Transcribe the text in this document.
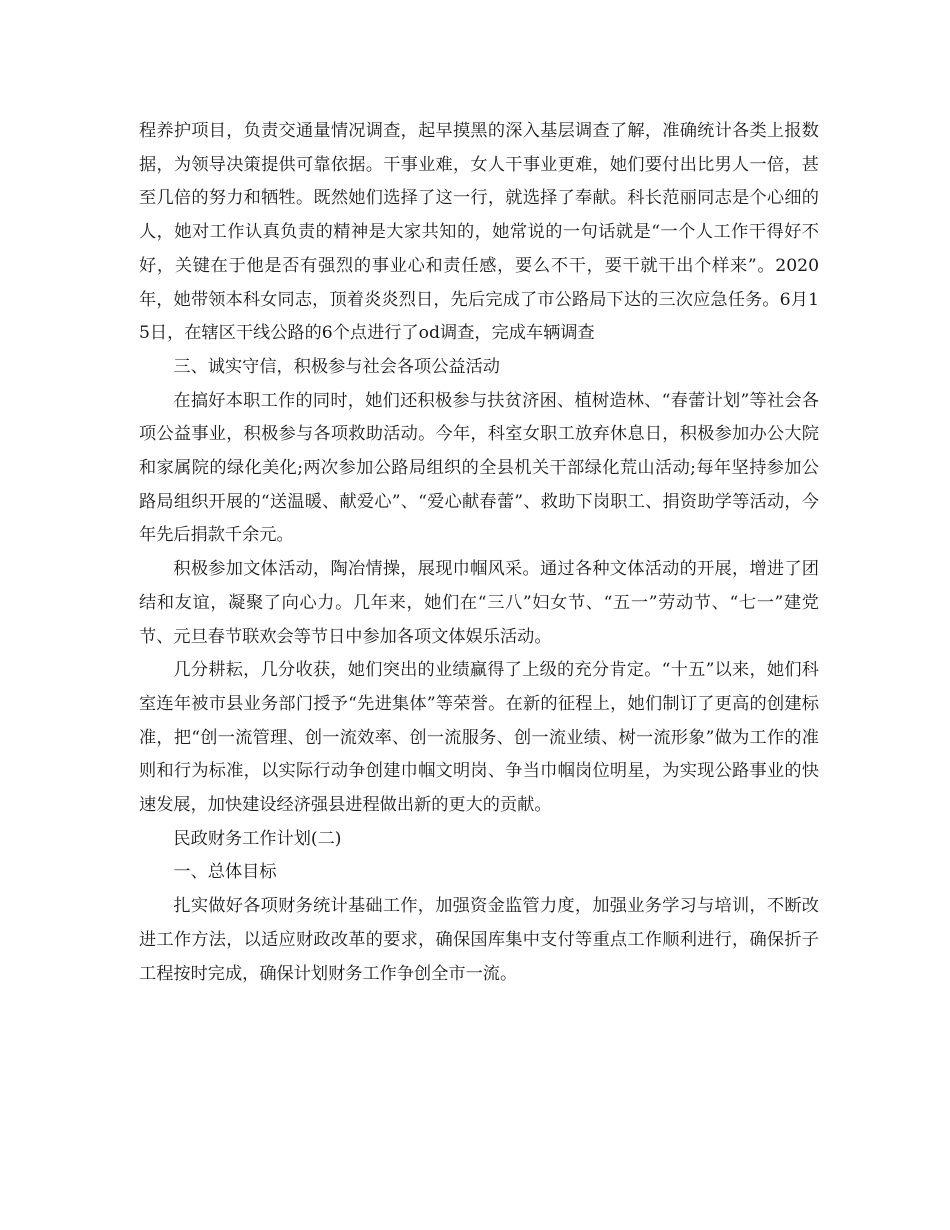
程养护项目，负责交通量情况调查，起早摸黑的深入基层调查了解，准确统计各类上报数据，为领导决策提供可靠依据。干事业难，女人干事业更难，她们要付出比男人一倍，甚至几倍的努力和牺牲。既然她们选择了这一行，就选择了奉献。科长范丽同志是个心细的人，她对工作认真负责的精神是大家共知的，她常说的一句话就是“一个人工作干得好不好，关键在于他是否有强烈的事业心和责任感，要么不干，要干就干出个样来”。2020年，她带领本科女同志，顶着炎炎烈日，先后完成了市公路局下达的三次应急任务。6月15日，在辖区干线公路的6个点进行了od调查，完成车辆调查

三、诚实守信，积极参与社会各项公益活动

在搞好本职工作的同时，她们还积极参与扶贫济困、植树造林、“春蕾计划”等社会各项公益事业，积极参与各项救助活动。今年，科室女职工放弃休息日，积极参加办公大院和家属院的绿化美化;两次参加公路局组织的全县机关干部绿化荒山活动;每年坚持参加公路局组织开展的“送温暖、献爱心”、“爱心献春蕾”、救助下岗职工、捐资助学等活动，今年先后捐款千余元。

积极参加文体活动，陶冶情操，展现巾帼风采。通过各种文体活动的开展，增进了团结和友谊，凝聚了向心力。几年来，她们在“三八”妇女节、“五一”劳动节、“七一”建党节、元旦春节联欢会等节日中参加各项文体娱乐活动。

几分耕耘，几分收获，她们突出的业绩赢得了上级的充分肯定。“十五”以来，她们科室连年被市县业务部门授予“先进集体”等荣誉。在新的征程上，她们制订了更高的创建标准，把“创一流管理、创一流效率、创一流服务、创一流业绩、树一流形象”做为工作的准则和行为标准，以实际行动争创建巾帼文明岗、争当巾帼岗位明星，为实现公路事业的快速发展，加快建设经济强县进程做出新的更大的贡献。

民政财务工作计划(二)

一、总体目标

扎实做好各项财务统计基础工作，加强资金监管力度，加强业务学习与培训，不断改进工作方法，以适应财政改革的要求，确保国库集中支付等重点工作顺利进行，确保折子工程按时完成，确保计划财务工作争创全市一流。
